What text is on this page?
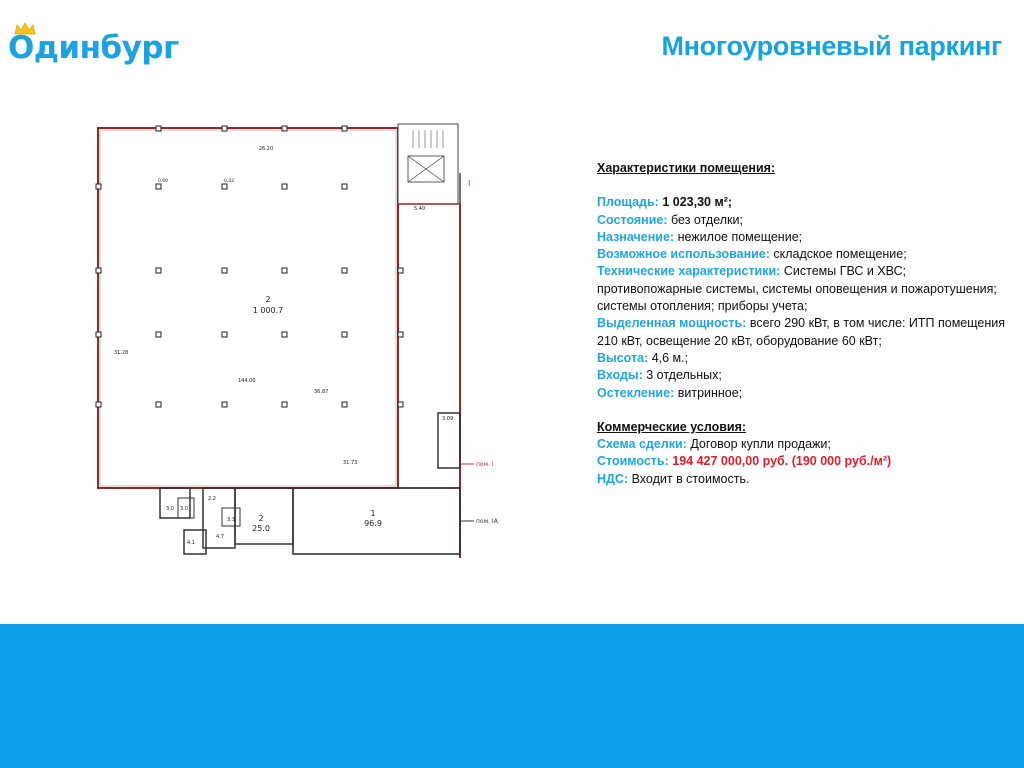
Одинбург	Многоуровневый паркинг
2
1 000.7
1
96.9
2
25.0
3.0 3.0
3.3
4.1
2.2
4.7
26.20
31.28
144.00
36.87
31.73
5.40
3.09
0.60	0.42
пом. I
пом. IA
I
Характеристики помещения:
Площадь: 1 023,30 м²;
Состояние: без отделки;
Назначение: нежилое помещение;
Возможное использование: складское помещение;
Технические характеристики: Системы ГВС и ХВС; противопожарные системы, системы оповещения и пожаротушения; системы отопления; приборы учета;
Выделенная мощность: всего 290 кВт, в том числе: ИТП помещения 210 кВт, освещение 20 кВт, оборудование 60 кВт;
Высота: 4,6 м.;
Входы: 3 отдельных;
Остекление: витринное;
Коммерческие условия:
Схема сделки: Договор купли продажи;
Стоимость: 194 427 000,00 руб. (190 000 руб./м²)
НДС: Входит в стоимость.
